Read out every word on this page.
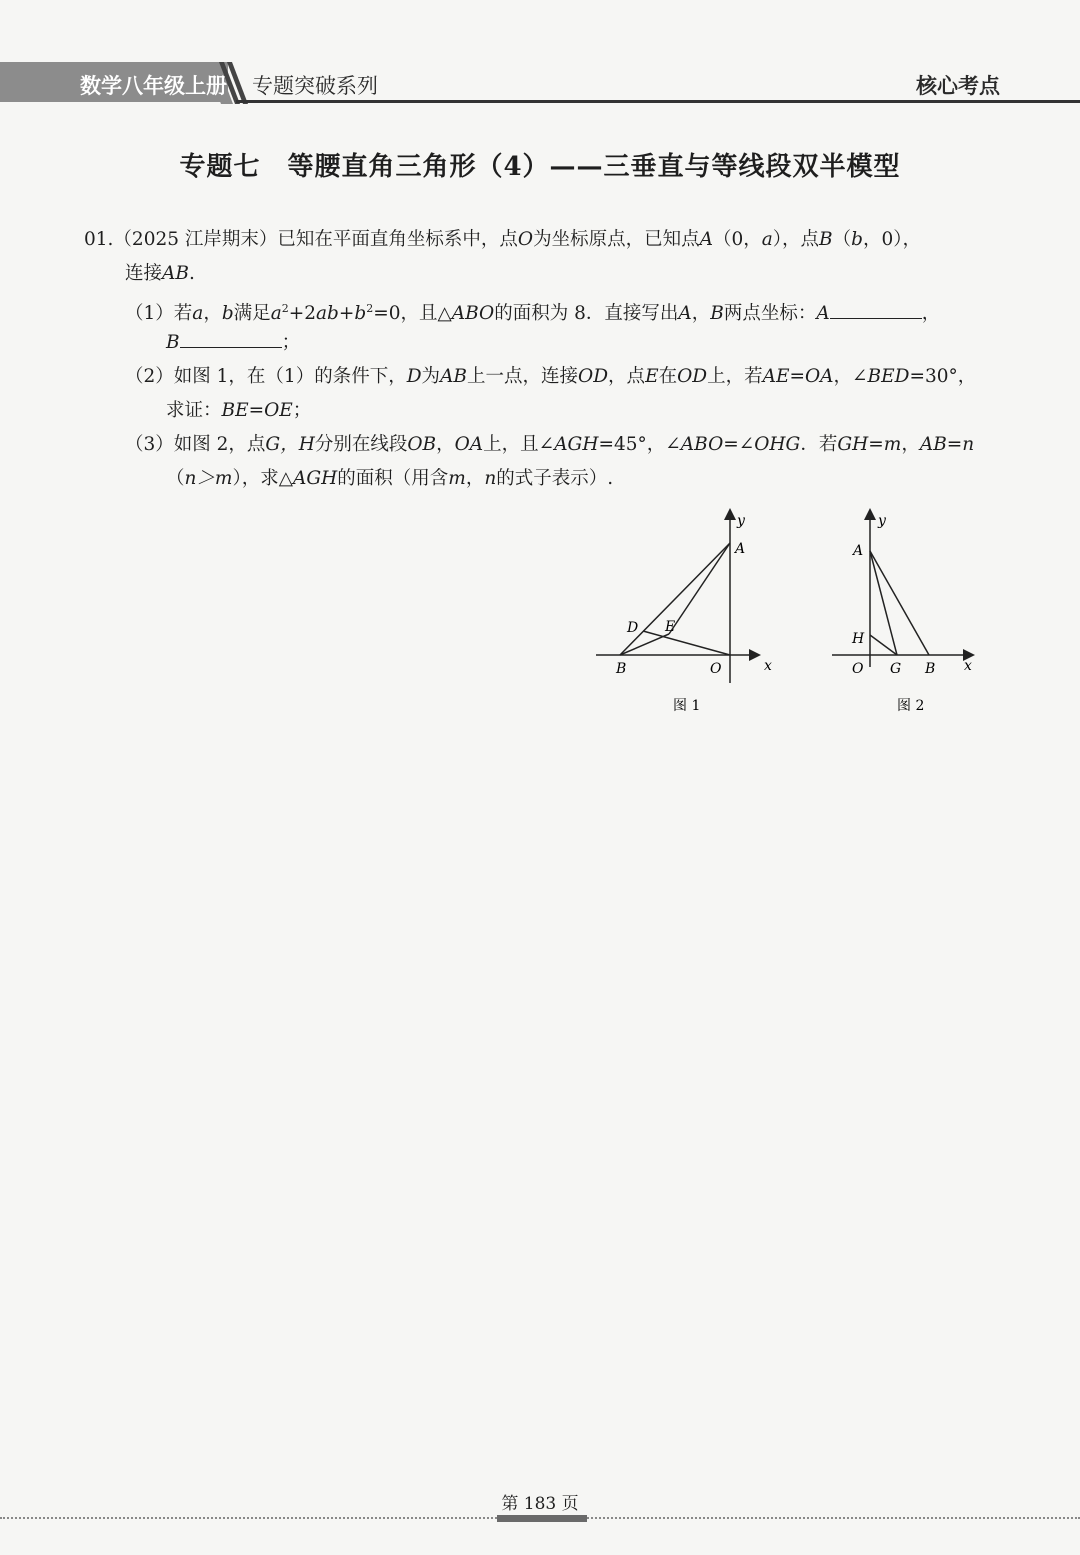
数学八年级上册 专题突破系列	核心考点
专题七　等腰直角三角形（4）——三垂直与等线段双半模型
01.（2025 江岸期末）已知在平面直角坐标系中，点O为坐标原点，已知点A（0，a），点B（b，0），
连接AB.
（1）若a，b满足$a^2+2ab+b^2=0$，且△ABO的面积为 8．直接写出A，B两点坐标：A	，
B	；
（2）如图 1，在（1）的条件下，D为AB上一点，连接OD，点E在OD上，若AE=OA，∠BED=30°，
求证：BE=OE；
（3）如图 2，点G，H分别在线段OB，OA上，且∠AGH=45°，∠ABO=∠OHG．若GH=m，AB=n
（n＞m），求△AGH的面积（用含m，n的式子表示）.
y
A
D E
B	O	x
图 1
y
A
H
O G B x
图 2
第 183 页
